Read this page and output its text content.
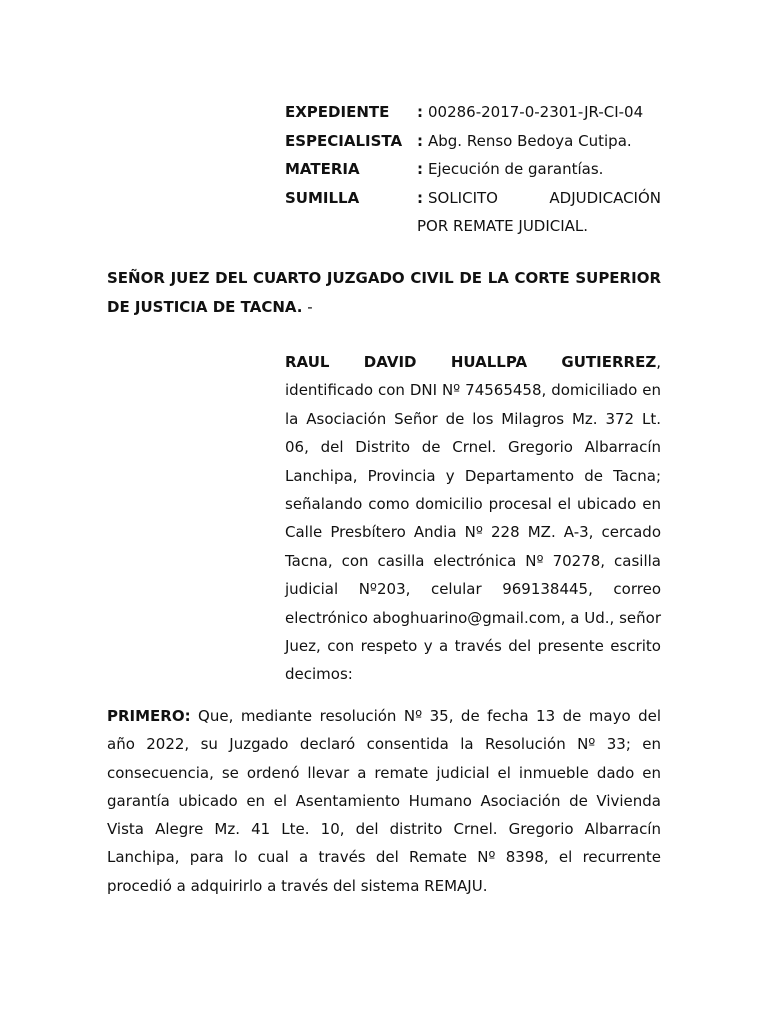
EXPEDIENTE	: 00286-2017-0-2301-JR-CI-04
ESPECIALISTA : Abg. Renso Bedoya Cutipa.
MATERIA	: Ejecución de garantías.
SUMILLA	: SOLICITO ADJUDICACIÓN
POR REMATE JUDICIAL.
SEÑOR JUEZ DEL CUARTO JUZGADO CIVIL DE LA CORTE SUPERIOR DE JUSTICIA DE TACNA. -
RAUL DAVID HUALLPA GUTIERREZ, identificado con DNI Nº 74565458, domiciliado en la Asociación Señor de los Milagros Mz. 372 Lt. 06, del Distrito de Crnel. Gregorio Albarracín Lanchipa, Provincia y Departamento de Tacna; señalando como domicilio procesal el ubicado en Calle Presbítero Andia Nº 228 MZ. A-3, cercado Tacna, con casilla electrónica Nº 70278, casilla judicial Nº203, celular 969138445, correo electrónico aboghuarino@gmail.com, a Ud., señor Juez, con respeto y a través del presente escrito decimos:
PRIMERO: Que, mediante resolución Nº 35, de fecha 13 de mayo del año 2022, su Juzgado declaró consentida la Resolución Nº 33; en consecuencia, se ordenó llevar a remate judicial el inmueble dado en garantía ubicado en el Asentamiento Humano Asociación de Vivienda Vista Alegre Mz. 41 Lte. 10, del distrito Crnel. Gregorio Albarracín Lanchipa, para lo cual a través del Remate Nº 8398, el recurrente procedió a adquirirlo a través del sistema REMAJU.
